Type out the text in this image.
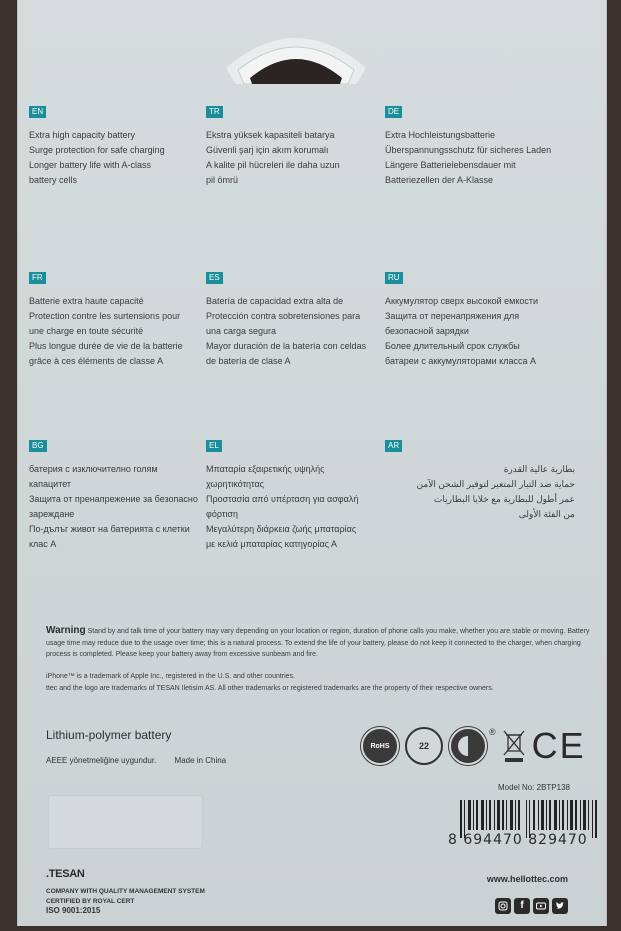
EN
Extra high capacity battery
Surge protection for safe charging
Longer battery life with A-class
battery cells
TR
Ekstra yüksek kapasiteli batarya
Güvenli şarj için akım korumalı
A kalite pil hücreleri ile daha uzun
pil ömrü
DE
Extra Hochleistungsbatterie
Überspannungsschutz für sicheres Laden
Längere Batterielebensdauer mit
Batteriezellen der A-Klasse
FR
Batterie extra haute capacité
Protection contre les surtensions pour
une charge en toute sécurité
Plus longue durée de vie de la batterie
grâce à ces éléments de classe A
ES
Batería de capacidad extra alta de
Protección contra sobretensiones para
una carga segura
Mayor duración de la batería con celdas
de batería de clase A
RU
Аккумулятор сверх высокой емкости
Защита от перенапряжения для
безопасной зарядки
Более длительный срок службы
батареи с аккумуляторами класса А
BG
батерия с изключително голям
капацитет
Защита от пренапрежение за безопасно
зареждане
По-дълъг живот на батерията с клетки
клас А
EL
Μπαταρία εξαιρετικής υψηλής
χωρητικότητας
Προστασία από υπέρταση για ασφαλή
φόρτιση
Μεγαλύτερη διάρκεια ζωής μπαταρίας
με κελιά μπαταρίας κατηγορίας Α
AR
بطارية عالية القدرة
حماية ضد التيار المتغير لتوفير الشحن الآمن
عمر أطول للبطارية مع خلايا البطاريات
من الفئة الأولى
Warning Stand by and talk time of your battery may vary depending on your location or region, duration of phone calls you make, whether you are stable or moving. Battery usage time may reduce due to the usage over time; this is a natural process. To extend the life of your battery, please do not keep it connected to the charger, when charging process is completed. Please keep your battery away from excessive sunbeam and fire.
iPhone™ is a trademark of Apple Inc., registered in the U.S. and other countries.
ttec and the logo are trademarks of TESAN Iletisim AS. All other trademarks or registered trademarks are the property of their respective owners.
Lithium-polymer battery
AEEE yönetmeliğine uygundur. Made in China
RoHS	22
® CE
Model No: 2BTP138
8 694470 829470
www.hellottec.com
f
.TESAN
COMPANY WITH QUALITY MANAGEMENT SYSTEM
CERTIFIED BY ROYAL CERT
ISO 9001:2015
